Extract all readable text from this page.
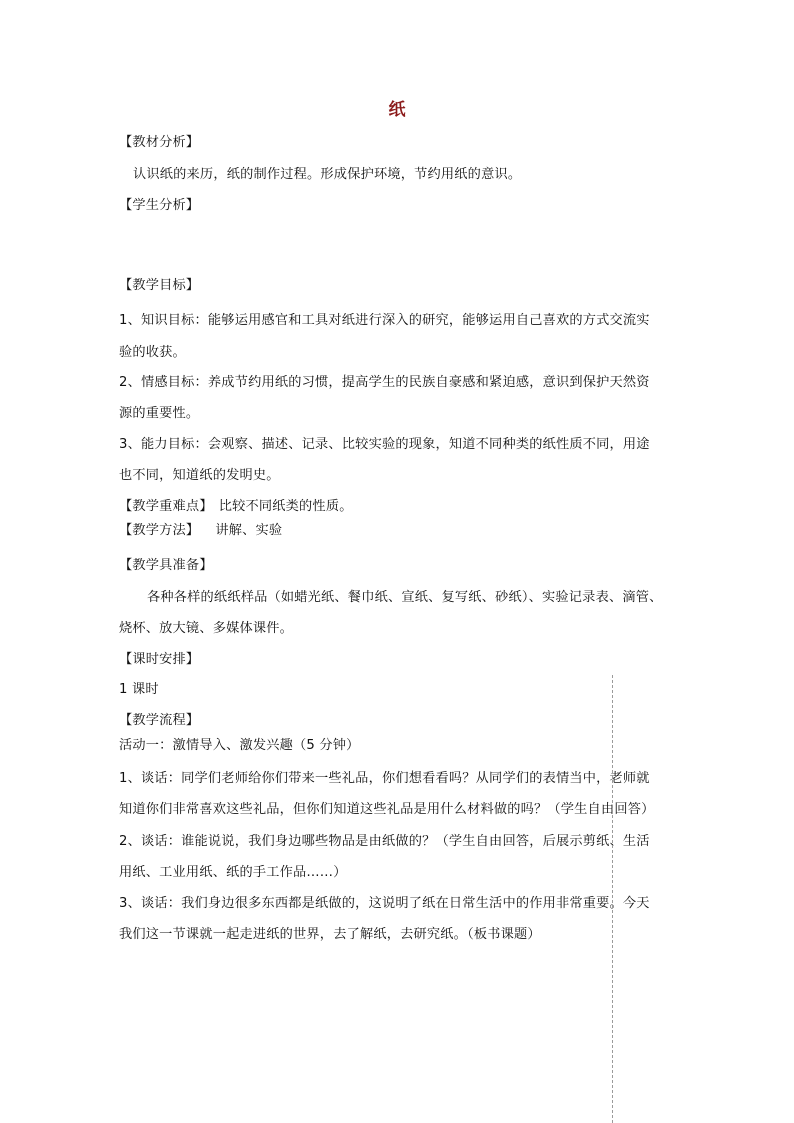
纸
【教材分析】
认识纸的来历，纸的制作过程。形成保护环境，节约用纸的意识。
【学生分析】
【教学目标】
1、知识目标：能够运用感官和工具对纸进行深入的研究，能够运用自己喜欢的方式交流实
验的收获。
2、情感目标：养成节约用纸的习惯，提高学生的民族自豪感和紧迫感，意识到保护天然资
源的重要性。
3、能力目标：会观察、描述、记录、比较实验的现象，知道不同种类的纸性质不同，用途
也不同，知道纸的发明史。
【教学重难点】 比较不同纸类的性质。
【教学方法】 讲解、实验
【教学具准备】
各种各样的纸纸样品（如蜡光纸、餐巾纸、宣纸、复写纸、砂纸）、实验记录表、滴管、
烧杯、放大镜、多媒体课件。
【课时安排】
1 课时
【教学流程】
活动一：激情导入、激发兴趣（5 分钟）
1、谈话：同学们老师给你们带来一些礼品，你们想看看吗？从同学们的表情当中，老师就
知道你们非常喜欢这些礼品，但你们知道这些礼品是用什么材料做的吗？（学生自由回答）
2、谈话：谁能说说，我们身边哪些物品是由纸做的？（学生自由回答，后展示剪纸、生活
用纸、工业用纸、纸的手工作品……）
3、谈话：我们身边很多东西都是纸做的，这说明了纸在日常生活中的作用非常重要。今天
我们这一节课就一起走进纸的世界，去了解纸，去研究纸。（板书课题）
